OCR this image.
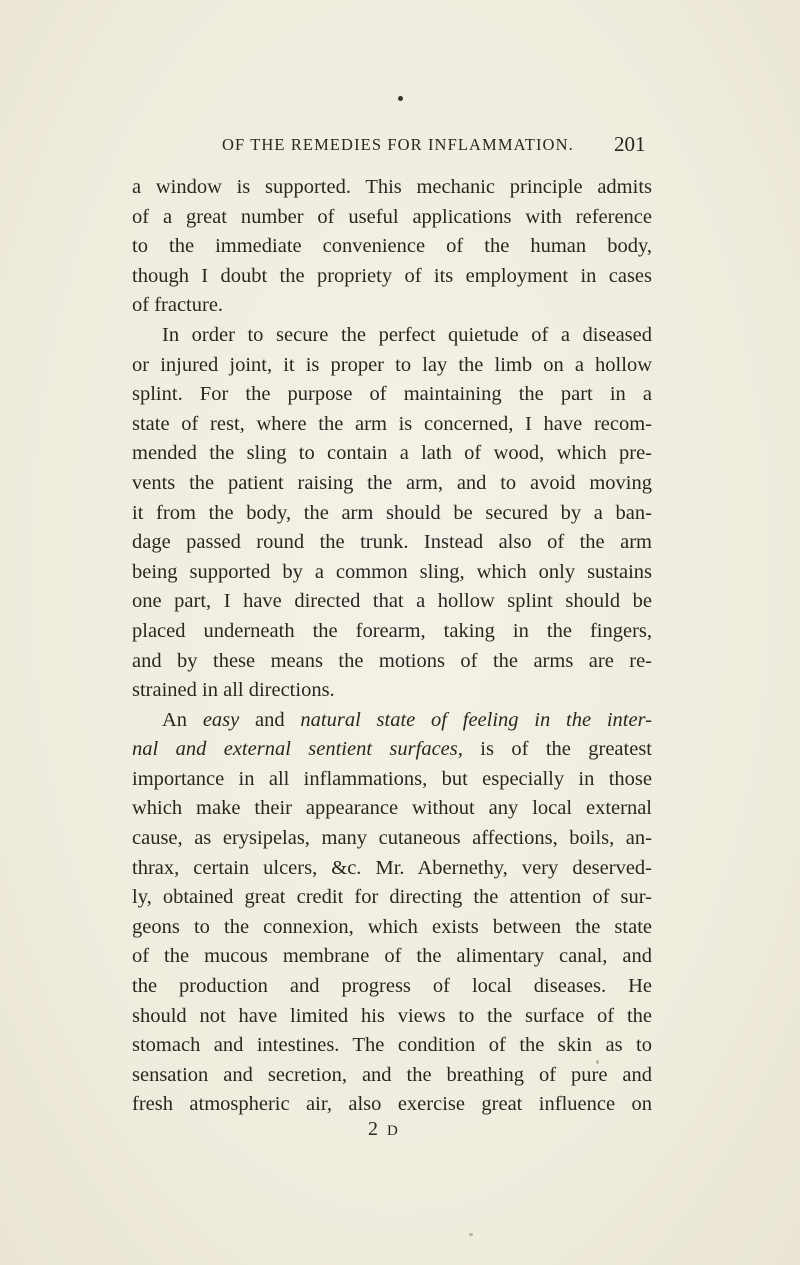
OF THE REMEDIES FOR INFLAMMATION. 201
a window is supported. This mechanic principle admits
of a great number of useful applications with reference
to the immediate convenience of the human body,
though I doubt the propriety of its employment in cases
of fracture.
In order to secure the perfect quietude of a diseased
or injured joint, it is proper to lay the limb on a hollow
splint. For the purpose of maintaining the part in a
state of rest, where the arm is concerned, I have recom-
mended the sling to contain a lath of wood, which pre-
vents the patient raising the arm, and to avoid moving
it from the body, the arm should be secured by a ban-
dage passed round the trunk. Instead also of the arm
being supported by a common sling, which only sustains
one part, I have directed that a hollow splint should be
placed underneath the forearm, taking in the fingers,
and by these means the motions of the arms are re-
strained in all directions.
An easy and natural state of feeling in the inter-
nal and external sentient surfaces, is of the greatest
importance in all inflammations, but especially in those
which make their appearance without any local external
cause, as erysipelas, many cutaneous affections, boils, an-
thrax, certain ulcers, &c. Mr. Abernethy, very deserved-
ly, obtained great credit for directing the attention of sur-
geons to the connexion, which exists between the state
of the mucous membrane of the alimentary canal, and
the production and progress of local diseases. He
should not have limited his views to the surface of the
stomach and intestines. The condition of the skin as to
sensation and secretion, and the breathing of pure and
fresh atmospheric air, also exercise great influence on
2 D
